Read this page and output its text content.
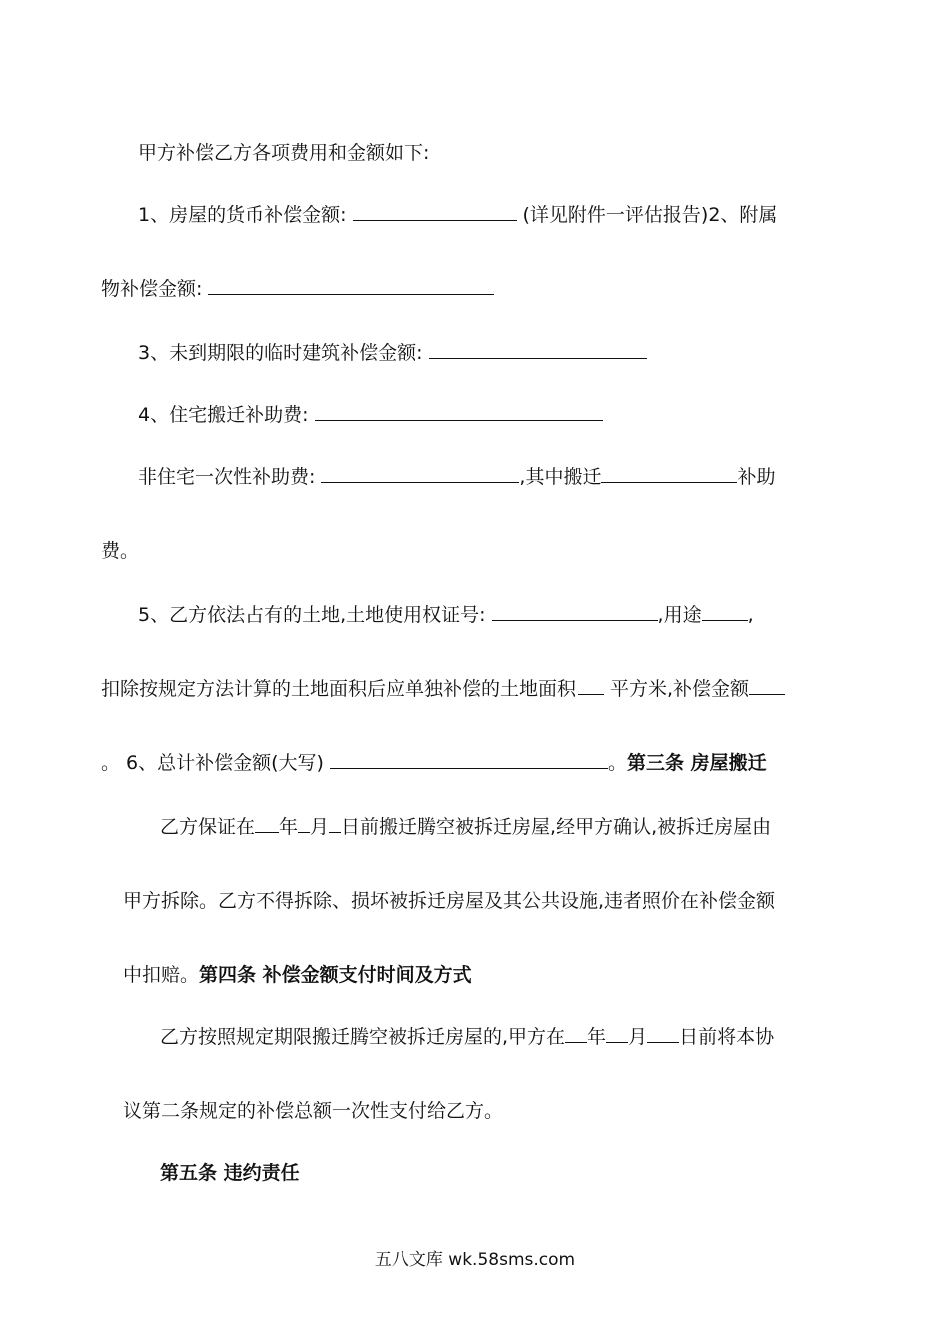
甲方补偿乙方各项费用和金额如下:
1、房屋的货币补偿金额:	(详见附件一评估报告)2、附属
物补偿金额:
3、未到期限的临时建筑补偿金额:
4、住宅搬迁补助费:
非住宅一次性补助费:	,其中搬迁	补助
费。
5、乙方依法占有的土地,土地使用权证号:	,用途 ,
扣除按规定方法计算的土地面积后应单独补偿的土地面积 平方米,补偿金额
。 6、总计补偿金额(大写)	。第三条 房屋搬迁
乙方保证在 年 月 日前搬迁腾空被拆迁房屋,经甲方确认,被拆迁房屋由
甲方拆除。乙方不得拆除、损坏被拆迁房屋及其公共设施,违者照价在补偿金额
中扣赔。第四条 补偿金额支付时间及方式
乙方按照规定期限搬迁腾空被拆迁房屋的,甲方在 年 月 日前将本协
议第二条规定的补偿总额一次性支付给乙方。
第五条 违约责任
五八文库 wk.58sms.com
